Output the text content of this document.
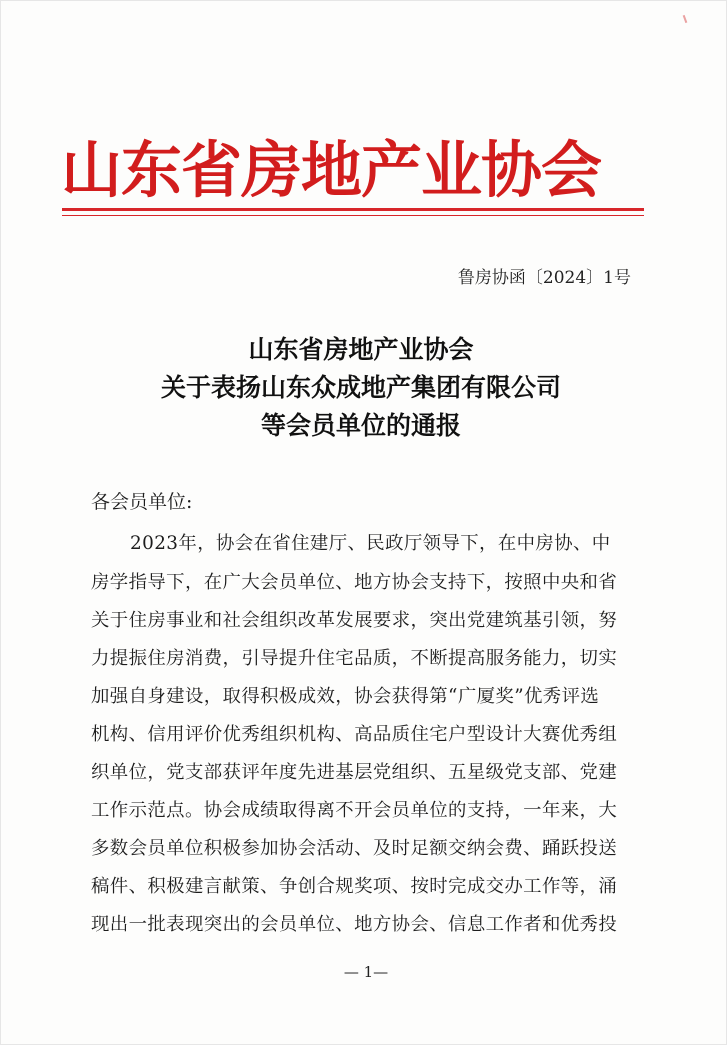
山东省房地产业协会
鲁房协函〔2024〕1号
山东省房地产业协会
关于表扬山东众成地产集团有限公司
等会员单位的通报
各会员单位:
2023年，协会在省住建厅、民政厅领导下，在中房协、中
房学指导下，在广大会员单位、地方协会支持下，按照中央和省
关于住房事业和社会组织改革发展要求，突出党建筑基引领，努
力提振住房消费，引导提升住宅品质，不断提高服务能力，切实
加强自身建设，取得积极成效，协会获得第“广厦奖”优秀评选
机构、信用评价优秀组织机构、高品质住宅户型设计大赛优秀组
织单位，党支部获评年度先进基层党组织、五星级党支部、党建
工作示范点。协会成绩取得离不开会员单位的支持，一年来，大
多数会员单位积极参加协会活动、及时足额交纳会费、踊跃投送
稿件、积极建言献策、争创合规奖项、按时完成交办工作等，涌
现出一批表现突出的会员单位、地方协会、信息工作者和优秀投
— 1—
